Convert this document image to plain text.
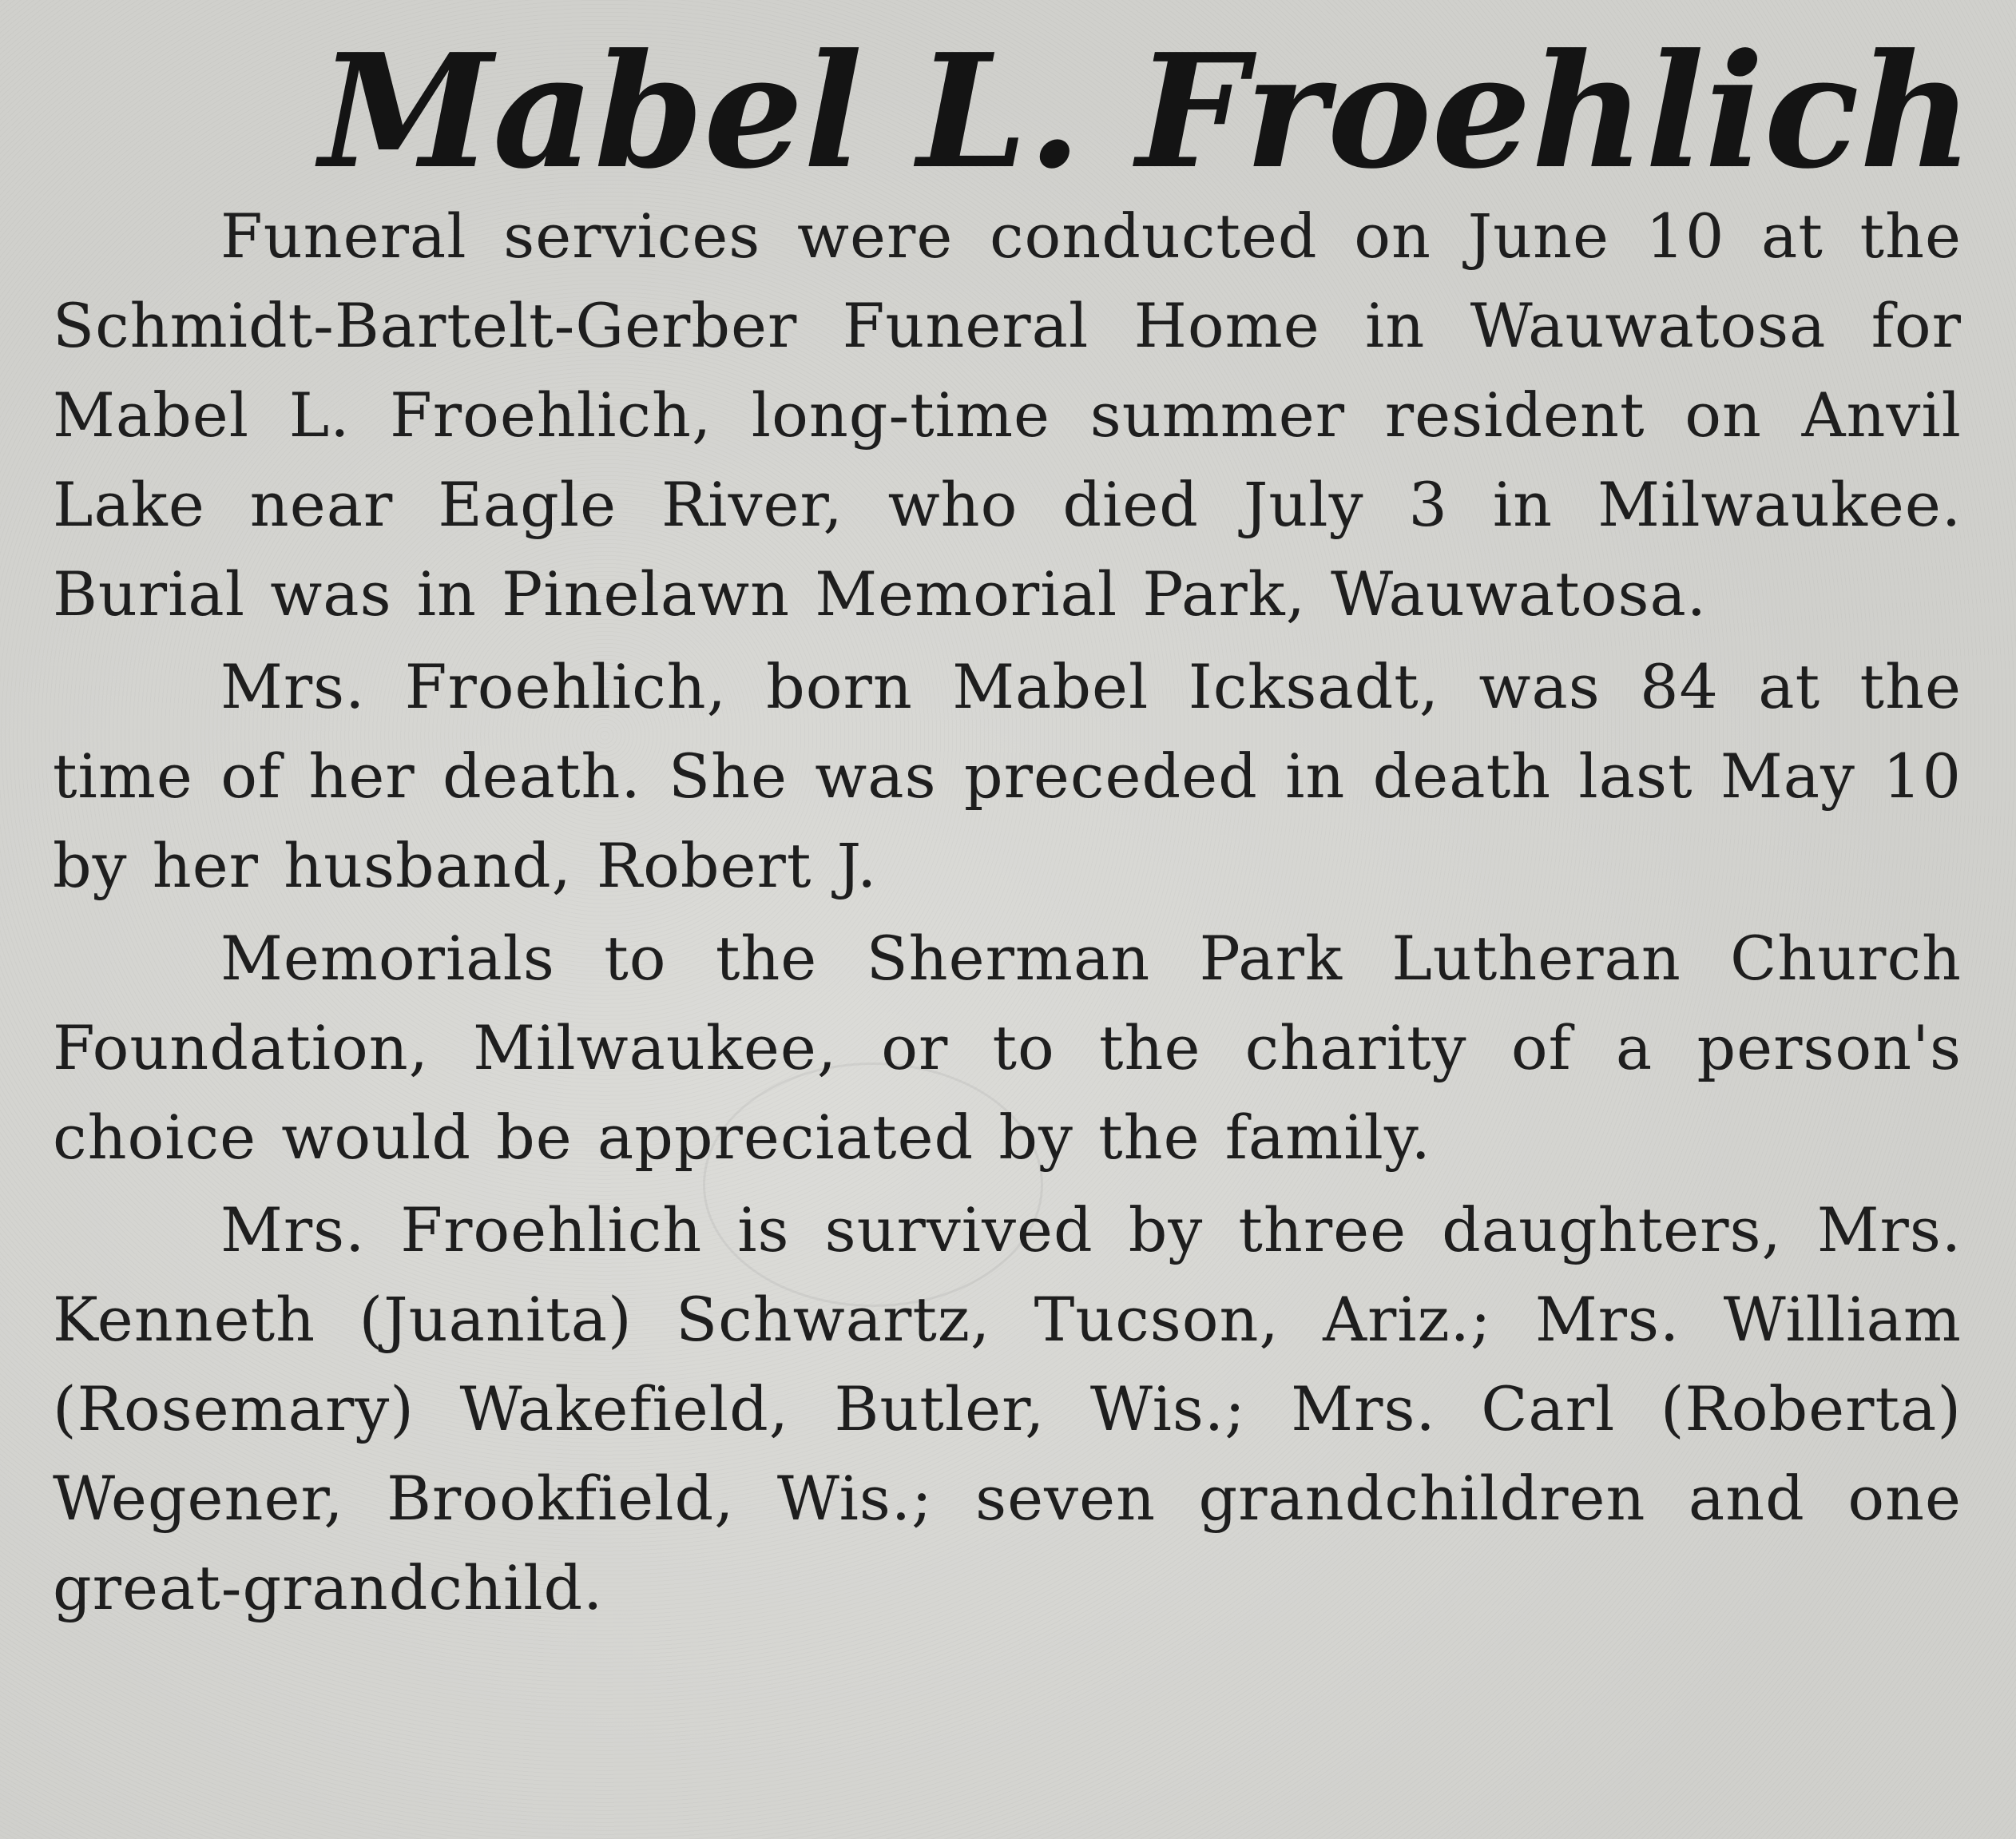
Mabel L. Froehlich

Funeral services were conducted on June 10 at the Schmidt-Bartelt-Gerber Funeral Home in Wauwatosa for Mabel L. Froehlich, long-time summer resident on Anvil Lake near Eagle River, who died July 3 in Milwaukee. Burial was in Pinelawn Memorial Park, Wauwatosa.

Mrs. Froehlich, born Mabel Icksadt, was 84 at the time of her death. She was preceded in death last May 10 by her husband, Robert J.

Memorials to the Sherman Park Lutheran Church Foundation, Milwaukee, or to the charity of a person's choice would be appreciated by the family.

Mrs. Froehlich is survived by three daughters, Mrs. Kenneth (Juanita) Schwartz, Tucson, Ariz.; Mrs. William (Rosemary) Wakefield, Butler, Wis.; Mrs. Carl (Roberta) Wegener, Brookfield, Wis.; seven grandchildren and one great-grandchild.
